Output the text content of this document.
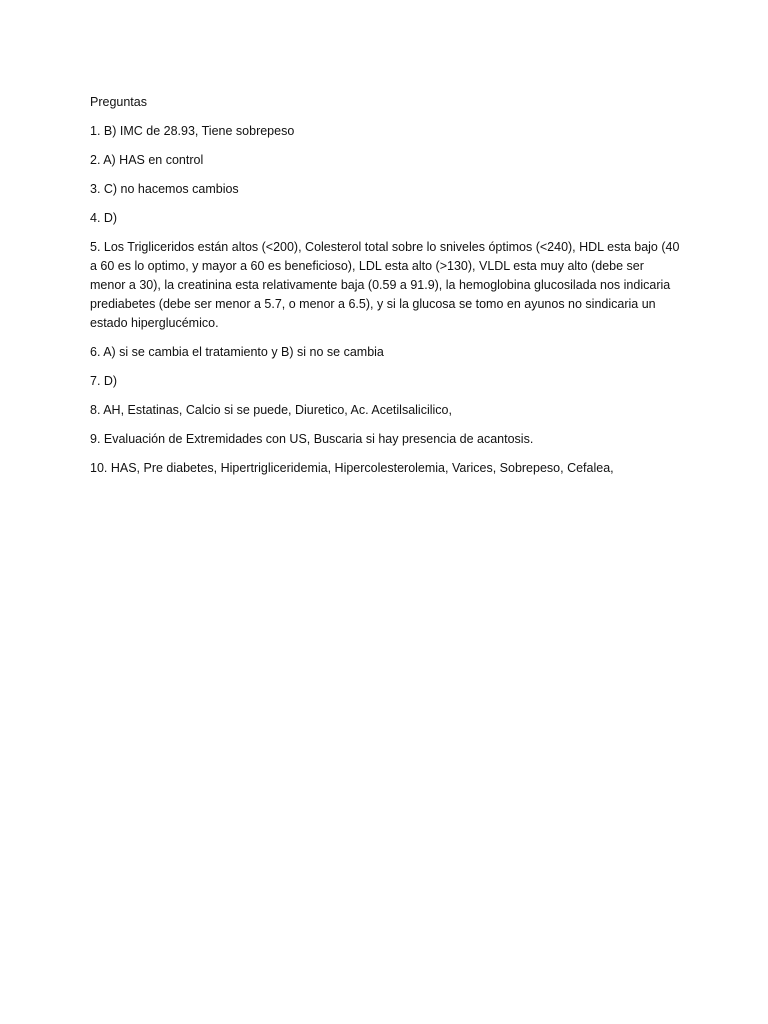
Preguntas

1. B) IMC de 28.93, Tiene sobrepeso

2. A) HAS en control

3. C) no hacemos cambios

4. D)

5. Los Trigliceridos están altos (<200), Colesterol total sobre lo sniveles óptimos (<240), HDL esta bajo (40 a 60 es lo optimo, y mayor a 60 es beneficioso), LDL esta alto (>130), VLDL esta muy alto (debe ser menor a 30), la creatinina esta relativamente baja (0.59 a 91.9), la hemoglobina glucosilada nos indicaria prediabetes (debe ser menor a 5.7, o menor a 6.5), y si la glucosa se tomo en ayunos no sindicaria un estado hiperglucémico.

6. A) si se cambia el tratamiento y B) si no se cambia

7. D)

8. AH, Estatinas, Calcio si se puede, Diuretico, Ac. Acetilsalicilico,

9. Evaluación de Extremidades con US, Buscaria si hay presencia de acantosis.

10. HAS, Pre diabetes, Hipertrigliceridemia, Hipercolesterolemia, Varices, Sobrepeso, Cefalea,
